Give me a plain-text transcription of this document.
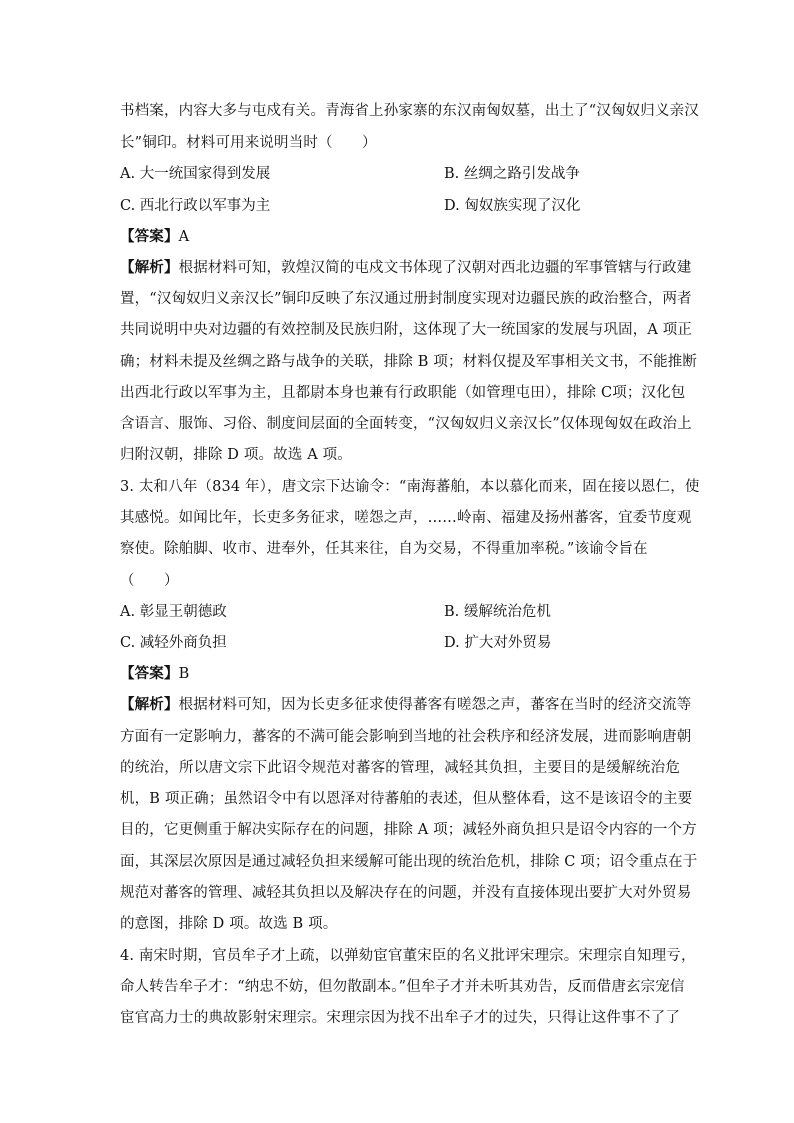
书档案，内容大多与屯戍有关。青海省上孙家寨的东汉南匈奴墓，出土了“汉匈奴归义亲汉
长”铜印。材料可用来说明当时（　　）
A. 大一统国家得到发展	B. 丝绸之路引发战争
C. 西北行政以军事为主	D. 匈奴族实现了汉化
【答案】A
【解析】根据材料可知，敦煌汉简的屯戍文书体现了汉朝对西北边疆的军事管辖与行政建
置，“汉匈奴归义亲汉长”铜印反映了东汉通过册封制度实现对边疆民族的政治整合，两者
共同说明中央对边疆的有效控制及民族归附，这体现了大一统国家的发展与巩固，A 项正
确；材料未提及丝绸之路与战争的关联，排除 B 项；材料仅提及军事相关文书，不能推断
出西北行政以军事为主，且都尉本身也兼有行政职能（如管理屯田），排除 C项；汉化包
含语言、服饰、习俗、制度间层面的全面转变，“汉匈奴归义亲汉长”仅体现匈奴在政治上
归附汉朝，排除 D 项。故选 A 项。
3. 太和八年（834 年），唐文宗下达谕令：“南海蕃舶，本以慕化而来，固在接以恩仁，使
其感悦。如闻比年，长吏多务征求，嗟怨之声，……岭南、福建及扬州蕃客，宜委节度观
察使。除舶脚、收市、进奉外，任其来往，自为交易，不得重加率税。”该谕令旨在
（　　）
A. 彰显王朝德政	B. 缓解统治危机
C. 减轻外商负担	D. 扩大对外贸易
【答案】B
【解析】根据材料可知，因为长吏多征求使得蕃客有嗟怨之声，蕃客在当时的经济交流等
方面有一定影响力，蕃客的不满可能会影响到当地的社会秩序和经济发展，进而影响唐朝
的统治，所以唐文宗下此诏令规范对蕃客的管理，减轻其负担，主要目的是缓解统治危
机，B 项正确；虽然诏令中有以恩泽对待蕃舶的表述，但从整体看，这不是该诏令的主要
目的，它更侧重于解决实际存在的问题，排除 A 项；减轻外商负担只是诏令内容的一个方
面，其深层次原因是通过减轻负担来缓解可能出现的统治危机，排除 C 项；诏令重点在于
规范对蕃客的管理、减轻其负担以及解决存在的问题，并没有直接体现出要扩大对外贸易
的意图，排除 D 项。故选 B 项。
4. 南宋时期，官员牟子才上疏，以弹劾宦官董宋臣的名义批评宋理宗。宋理宗自知理亏，
命人转告牟子才：“纳忠不妨，但勿散副本。”但牟子才并未听其劝告，反而借唐玄宗宠信
宦官高力士的典故影射宋理宗。宋理宗因为找不出牟子才的过失，只得让这件事不了了
